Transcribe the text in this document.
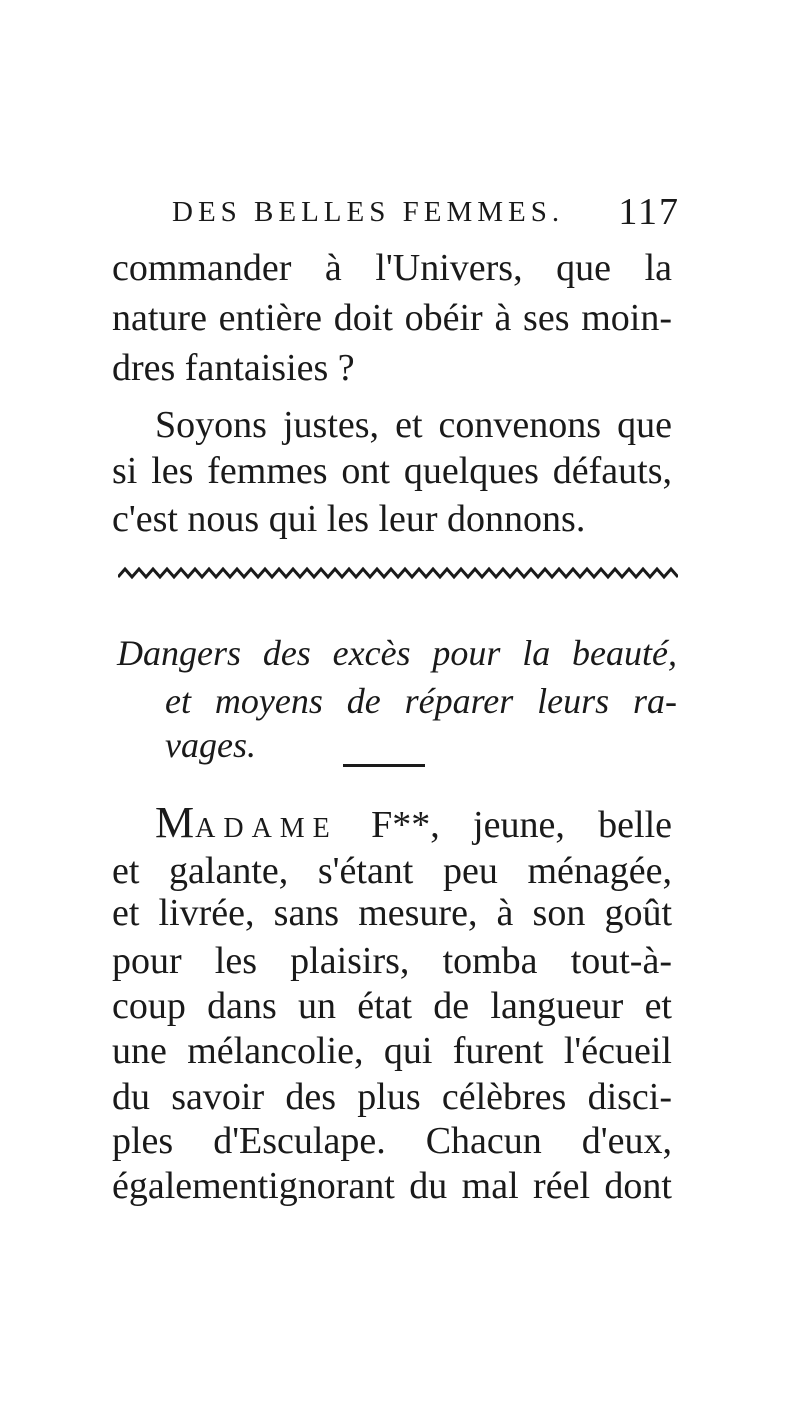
DES BELLES FEMMES. 117
commander à l'Univers, que la
nature entière doit obéir à ses moin-
dres fantaisies ?
Soyons justes, et convenons que
si les femmes ont quelques défauts,
c'est nous qui les leur donnons.
Dangers des excès pour la beauté,
et moyens de réparer leurs ra-
vages.
MADAME F**, jeune, belle
et galante, s'étant peu ménagée,
et livrée, sans mesure, à son goût
pour les plaisirs, tomba tout-à-
coup dans un état de langueur et
une mélancolie, qui furent l'écueil
du savoir des plus célèbres disci-
ples d'Esculape. Chacun d'eux,
égalementignorant du mal réel dont
